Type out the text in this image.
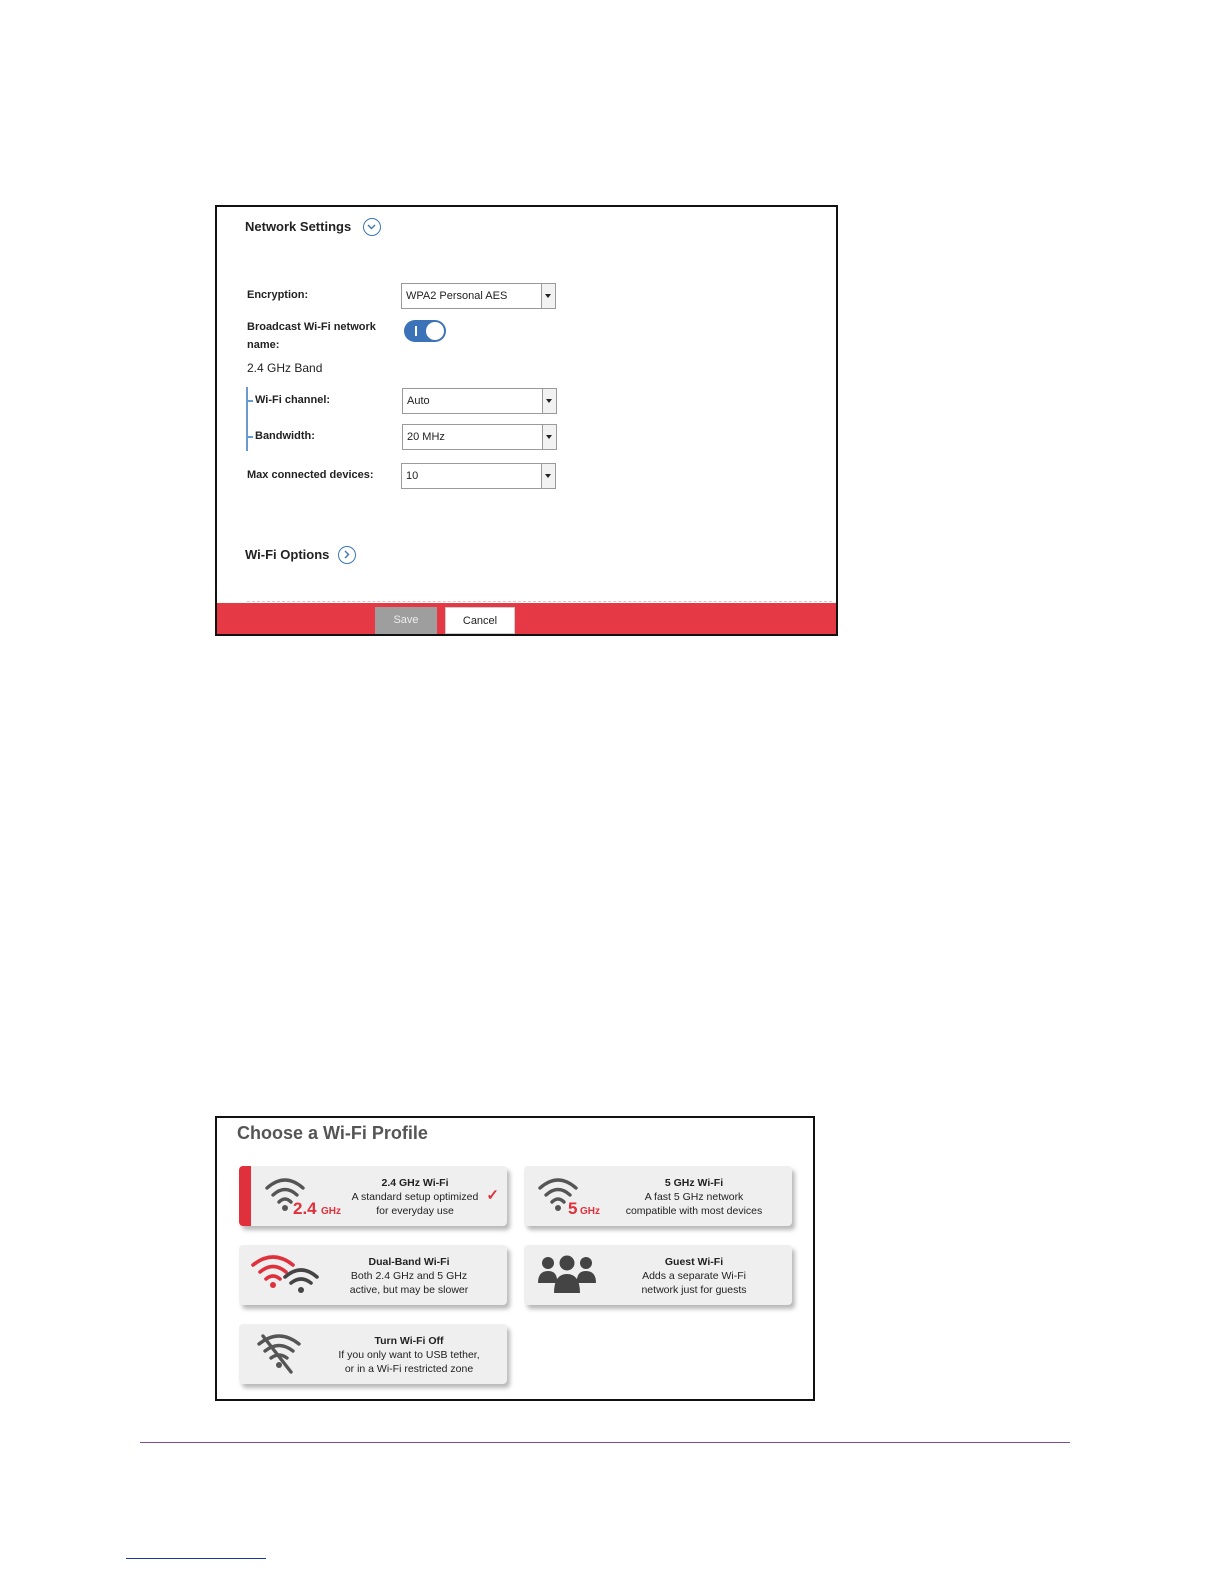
Network Settings
Encryption:	WPA2 Personal AES
Broadcast Wi-Fi network
name:
2.4 GHz Band
Wi-Fi channel:	Auto
Bandwidth:	20 MHz
Max connected devices:	10
Wi-Fi Options
Save	Cancel
Choose a Wi-Fi Profile
2.4 GHz
2.4 GHz Wi-Fi
A standard setup optimized
for everyday use
✓
5 GHz
5 GHz Wi-Fi
A fast 5 GHz network
compatible with most devices
Dual-Band Wi-Fi
Both 2.4 GHz and 5 GHz
active, but may be slower
Guest Wi-Fi
Adds a separate Wi-Fi
network just for guests
Turn Wi-Fi Off
If you only want to USB tether,
or in a Wi-Fi restricted zone
